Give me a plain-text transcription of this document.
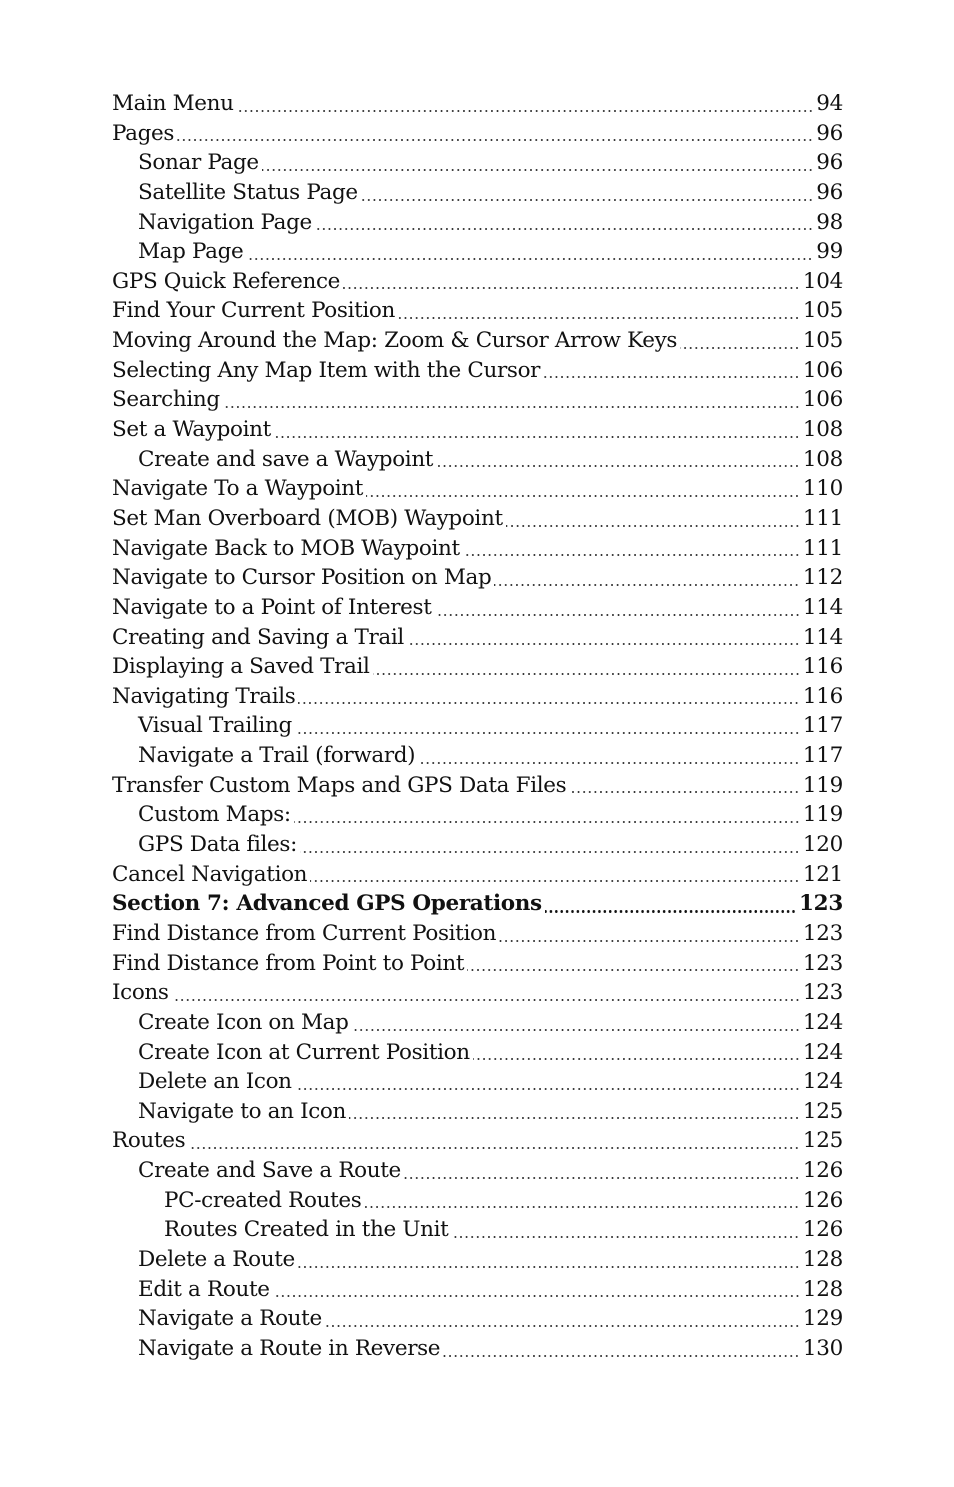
Main Menu	94
Pages	96
Sonar Page	96
Satellite Status Page	96
Navigation Page	98
Map Page	99
GPS Quick Reference	104
Find Your Current Position	105
Moving Around the Map: Zoom & Cursor Arrow Keys	105
Selecting Any Map Item with the Cursor	106
Searching	106
Set a Waypoint	108
Create and save a Waypoint	108
Navigate To a Waypoint	110
Set Man Overboard (MOB) Waypoint	111
Navigate Back to MOB Waypoint	111
Navigate to Cursor Position on Map	112
Navigate to a Point of Interest	114
Creating and Saving a Trail	114
Displaying a Saved Trail	116
Navigating Trails	116
Visual Trailing	117
Navigate a Trail (forward)	117
Transfer Custom Maps and GPS Data Files	119
Custom Maps:	119
GPS Data files:	120
Cancel Navigation	121
Section 7: Advanced GPS Operations	123
Find Distance from Current Position	123
Find Distance from Point to Point	123
Icons	123
Create Icon on Map	124
Create Icon at Current Position	124
Delete an Icon	124
Navigate to an Icon	125
Routes	125
Create and Save a Route	126
PC-created Routes	126
Routes Created in the Unit	126
Delete a Route	128
Edit a Route	128
Navigate a Route	129
Navigate a Route in Reverse	130
